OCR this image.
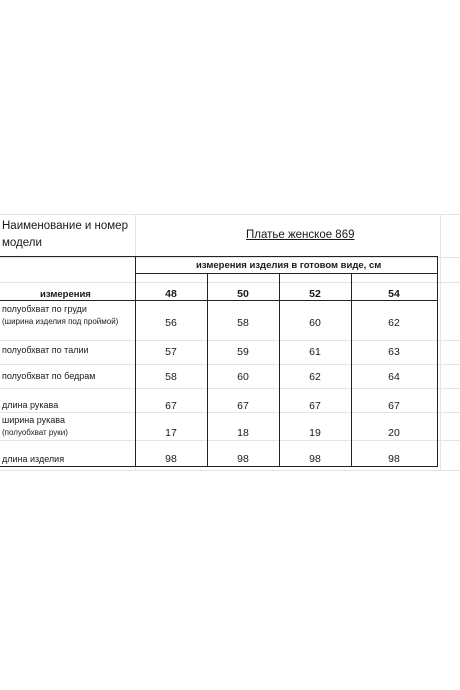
Наименование и номер
модели
Платье женское 869
измерения изделия в готовом виде, см
измерения	48	50	52	54
полуобхват по груди
(ширина изделия под проймой)	56	58	60	62
полуобхват по талии	57	59	61	63
полуобхват по бедрам	58	60	62	64
длина рукава	67	67	67	67
ширина рукава
(полуобхват руки)	17	18	19	20
длина изделия	98	98	98	98
